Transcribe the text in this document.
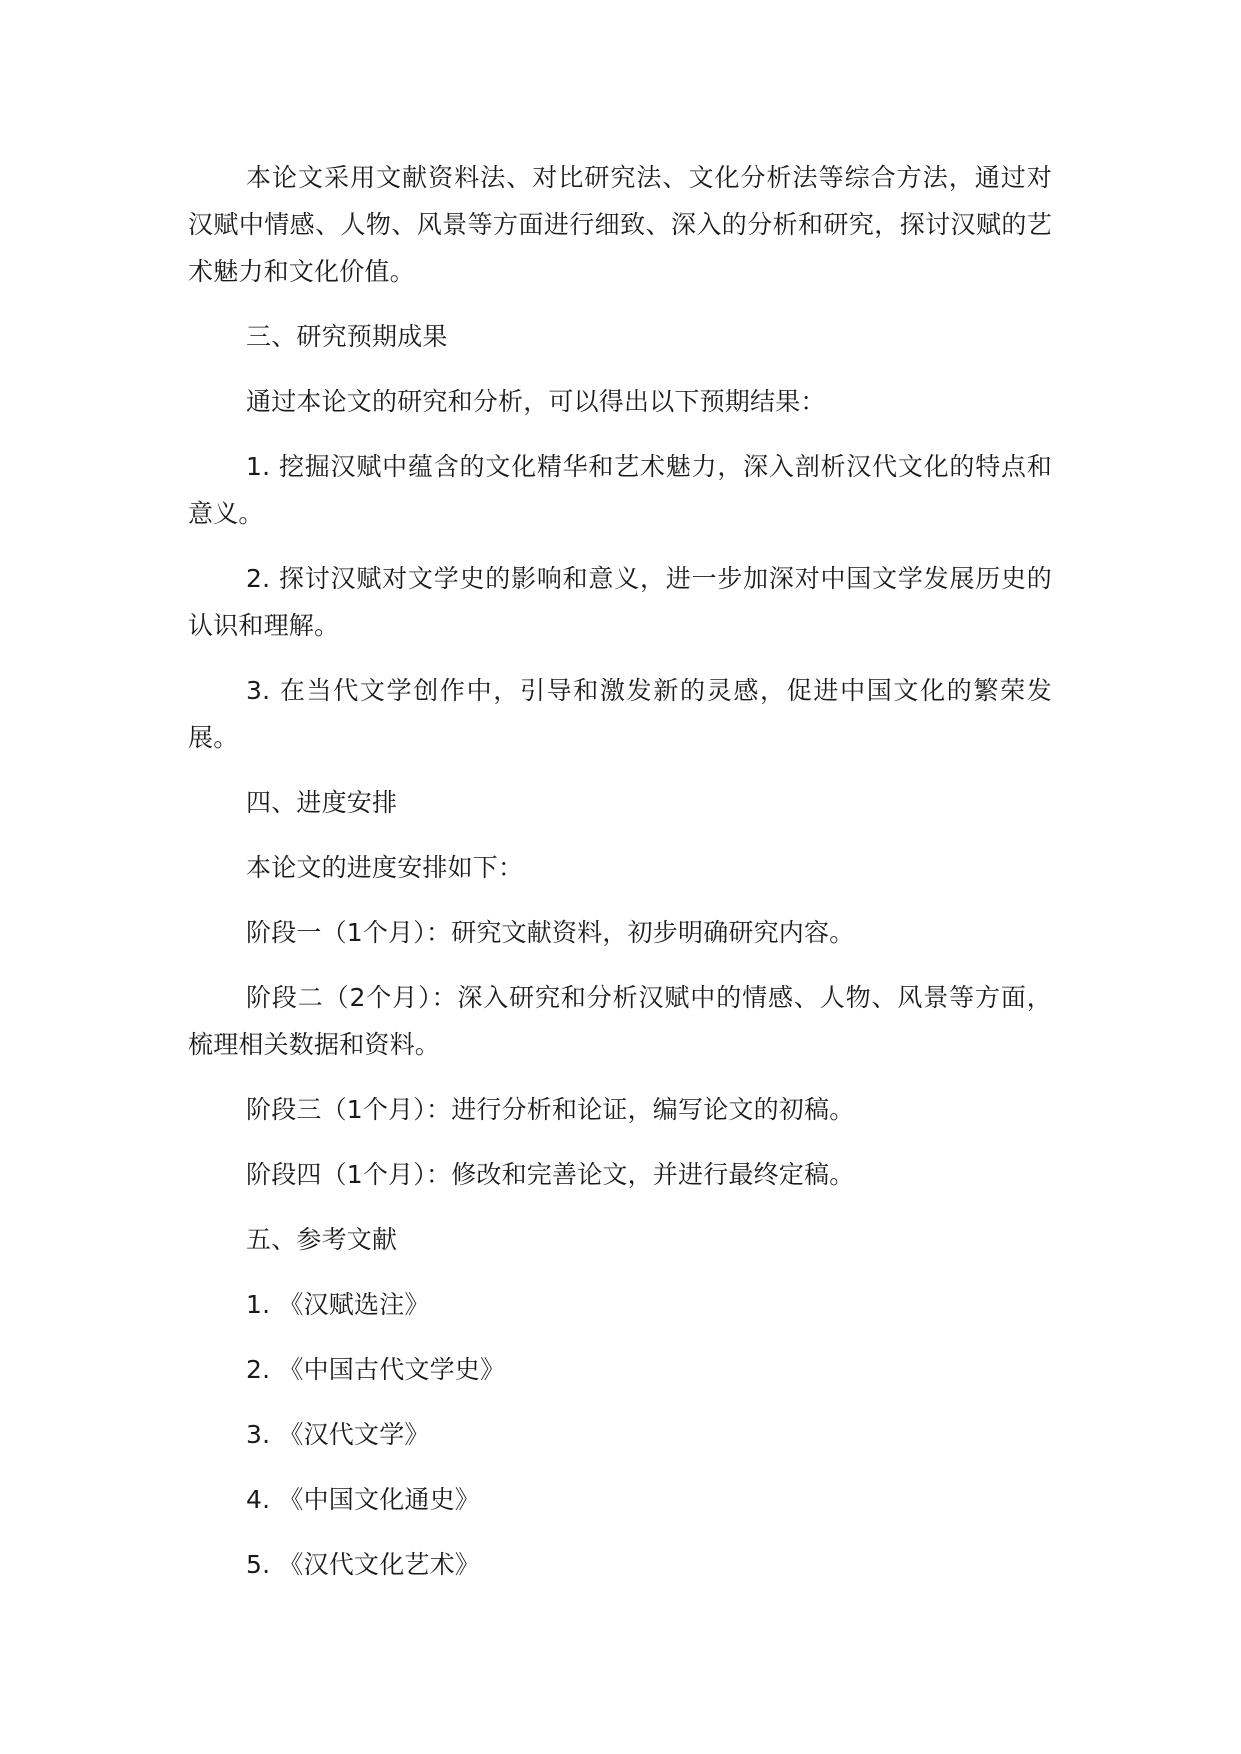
本论文采用文献资料法、对比研究法、文化分析法等综合方法，通过对汉赋中情感、人物、风景等方面进行细致、深入的分析和研究，探讨汉赋的艺术魅力和文化价值。

三、研究预期成果

通过本论文的研究和分析，可以得出以下预期结果：

1. 挖掘汉赋中蕴含的文化精华和艺术魅力，深入剖析汉代文化的特点和意义。

2. 探讨汉赋对文学史的影响和意义，进一步加深对中国文学发展历史的认识和理解。

3. 在当代文学创作中，引导和激发新的灵感，促进中国文化的繁荣发展。

四、进度安排

本论文的进度安排如下：

阶段一（1个月）：研究文献资料，初步明确研究内容。

阶段二（2个月）：深入研究和分析汉赋中的情感、人物、风景等方面，梳理相关数据和资料。

阶段三（1个月）：进行分析和论证，编写论文的初稿。

阶段四（1个月）：修改和完善论文，并进行最终定稿。

五、参考文献

1. 《汉赋选注》

2. 《中国古代文学史》

3. 《汉代文学》

4. 《中国文化通史》

5. 《汉代文化艺术》
